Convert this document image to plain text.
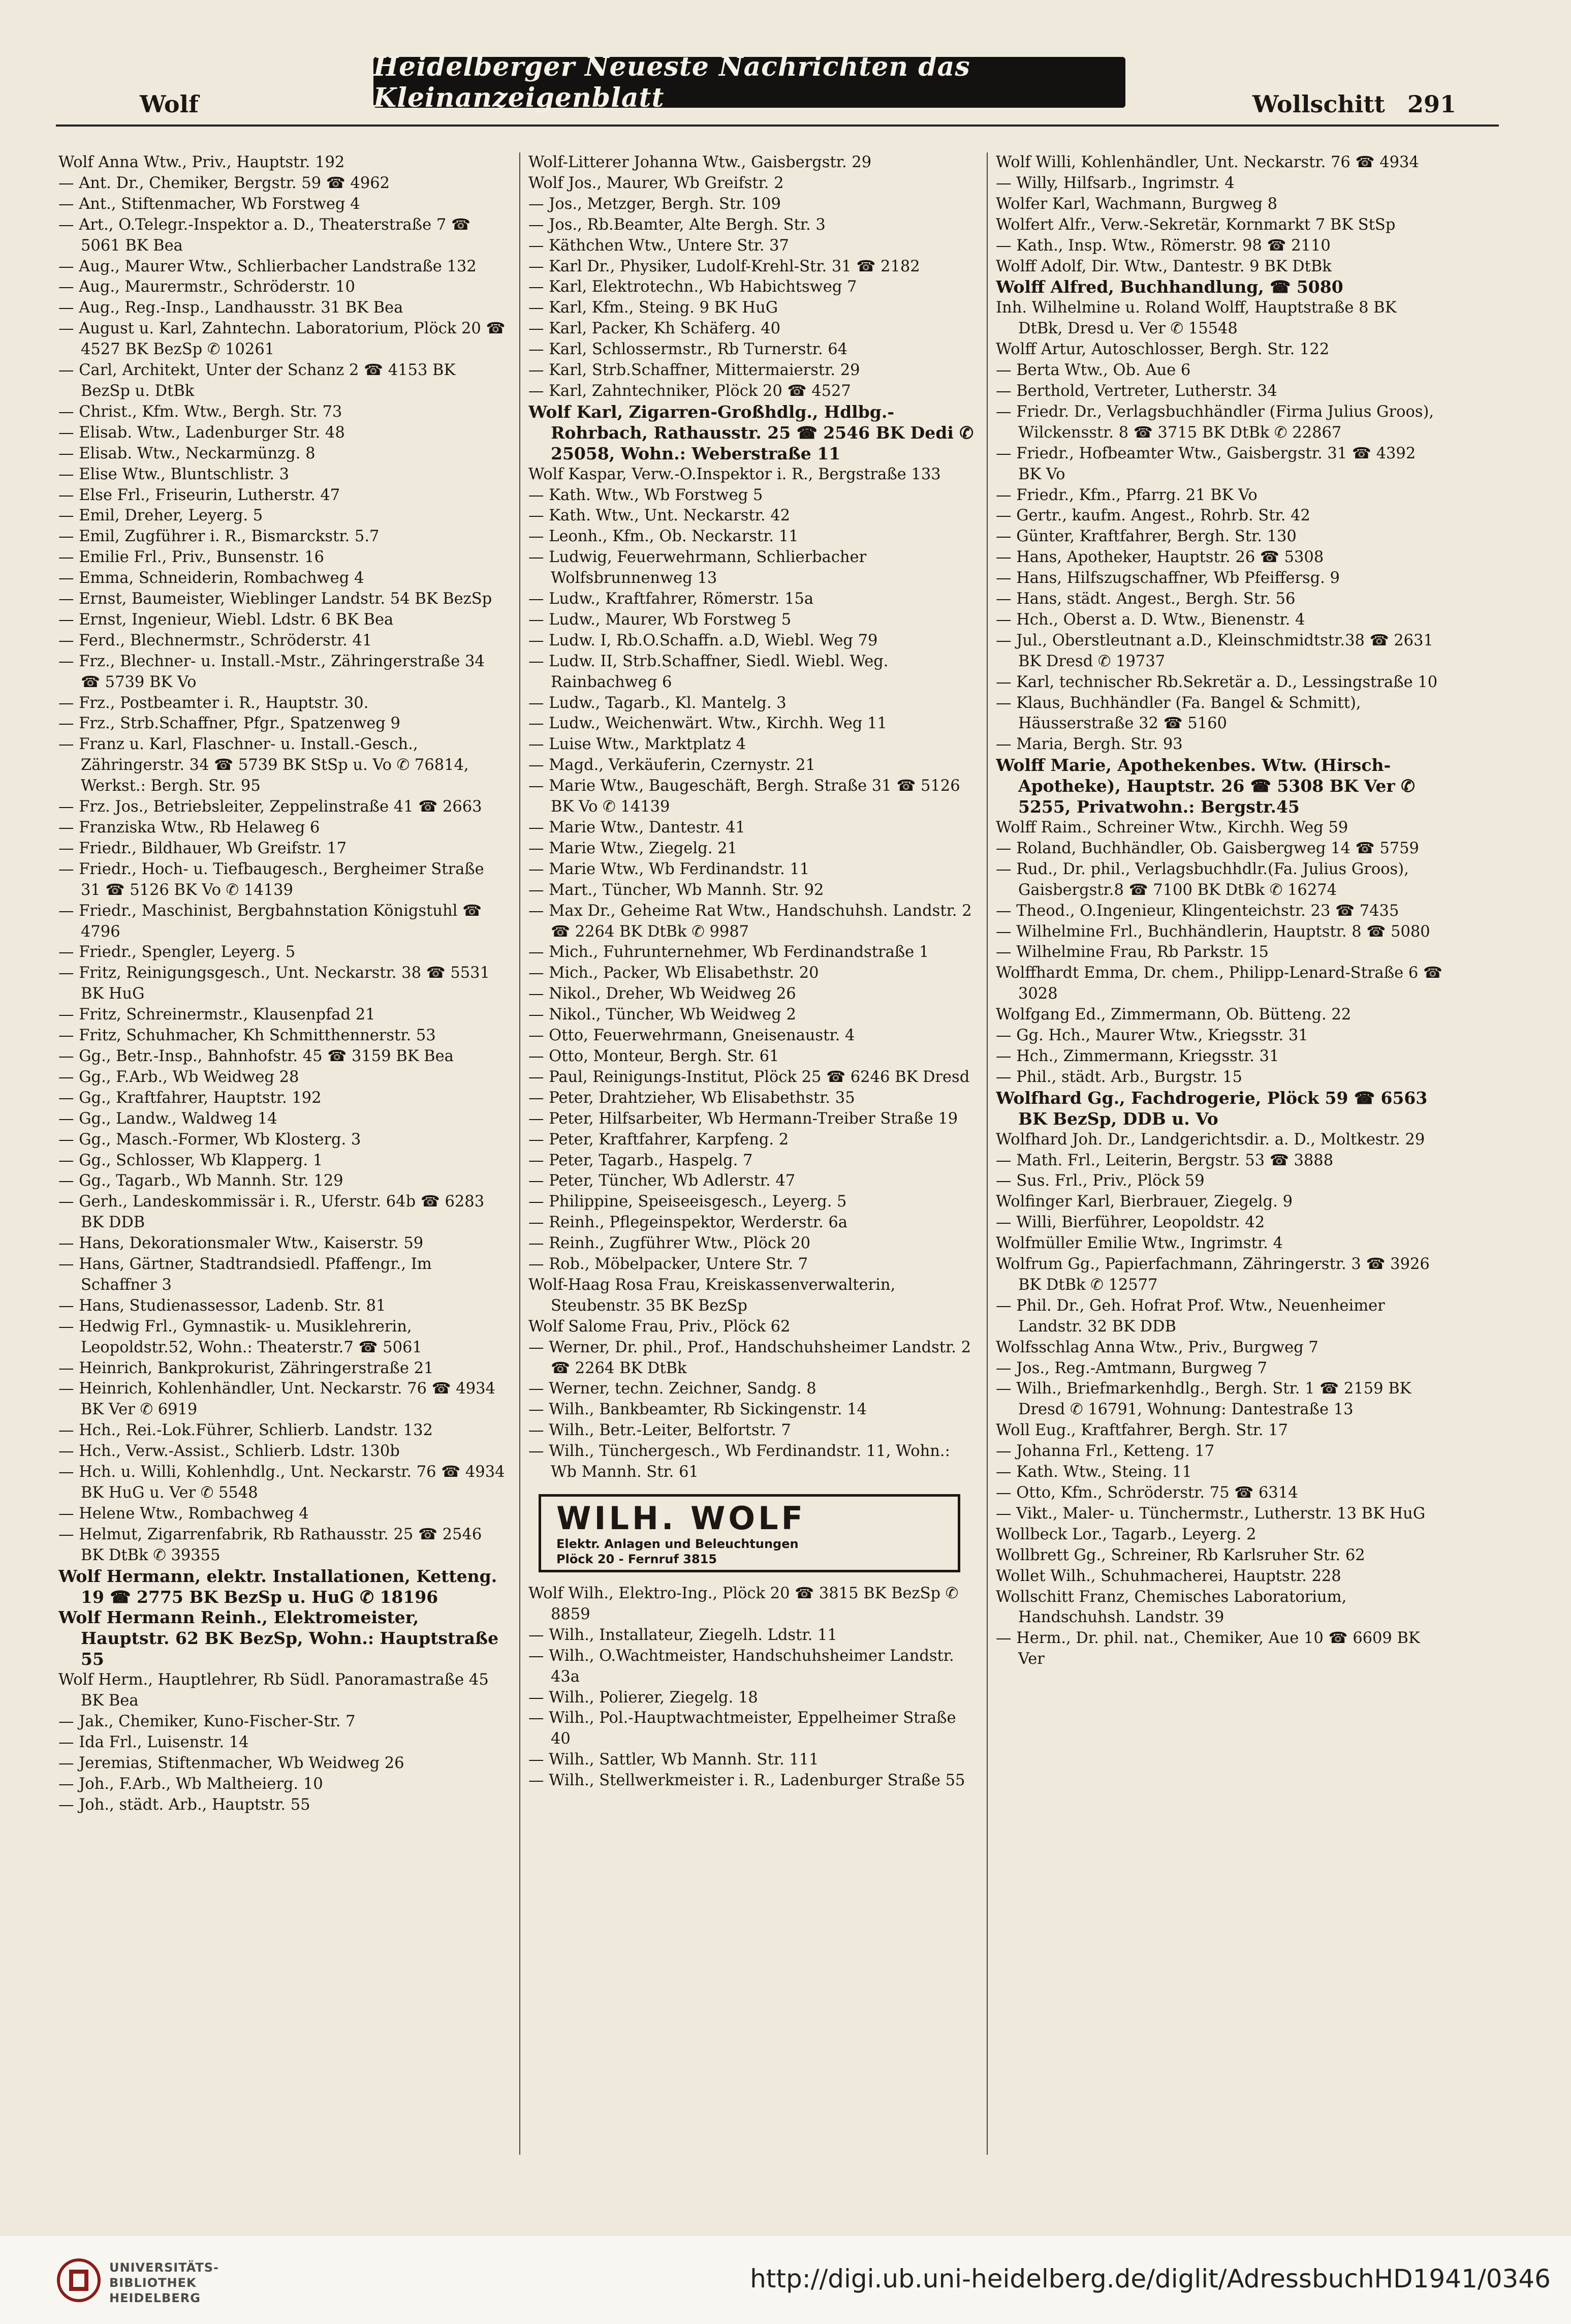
Heidelberger Neueste Nachrichten das Kleinanzeigenblatt
Wolf	Wollschitt 291

Wolf Anna Wtw., Priv., Hauptstr. 192

— Ant. Dr., Chemiker, Bergstr. 59 ☎ 4962

— Ant., Stiftenmacher, Wb Forstweg 4

— Art., O.Telegr.-Inspektor a. D., Theaterstraße 7 ☎ 5061 BK Bea

— Aug., Maurer Wtw., Schlierbacher Landstraße 132

— Aug., Maurermstr., Schröderstr. 10

— Aug., Reg.-Insp., Landhausstr. 31 BK Bea

— August u. Karl, Zahntechn. Laboratorium, Plöck 20 ☎ 4527 BK BezSp ✆ 10261

— Carl, Architekt, Unter der Schanz 2 ☎ 4153 BK BezSp u. DtBk

— Christ., Kfm. Wtw., Bergh. Str. 73

— Elisab. Wtw., Ladenburger Str. 48

— Elisab. Wtw., Neckarmünzg. 8

— Elise Wtw., Bluntschlistr. 3

— Else Frl., Friseurin, Lutherstr. 47

— Emil, Dreher, Leyerg. 5

— Emil, Zugführer i. R., Bismarckstr. 5.7

— Emilie Frl., Priv., Bunsenstr. 16

— Emma, Schneiderin, Rombachweg 4

— Ernst, Baumeister, Wieblinger Landstr. 54 BK BezSp

— Ernst, Ingenieur, Wiebl. Ldstr. 6 BK Bea

— Ferd., Blechnermstr., Schröderstr. 41

— Frz., Blechner- u. Install.-Mstr., Zähringerstraße 34 ☎ 5739 BK Vo

— Frz., Postbeamter i. R., Hauptstr. 30.

— Frz., Strb.Schaffner, Pfgr., Spatzenweg 9

— Franz u. Karl, Flaschner- u. Install.-Gesch., Zähringerstr. 34 ☎ 5739 BK StSp u. Vo ✆ 76814, Werkst.: Bergh. Str. 95

— Frz. Jos., Betriebsleiter, Zeppelinstraße 41 ☎ 2663

— Franziska Wtw., Rb Helaweg 6

— Friedr., Bildhauer, Wb Greifstr. 17

— Friedr., Hoch- u. Tiefbaugesch., Bergheimer Straße 31 ☎ 5126 BK Vo ✆ 14139

— Friedr., Maschinist, Bergbahnstation Königstuhl ☎ 4796

— Friedr., Spengler, Leyerg. 5

— Fritz, Reinigungsgesch., Unt. Neckarstr. 38 ☎ 5531 BK HuG

— Fritz, Schreinermstr., Klausenpfad 21

— Fritz, Schuhmacher, Kh Schmitthennerstr. 53

— Gg., Betr.-Insp., Bahnhofstr. 45 ☎ 3159 BK Bea

— Gg., F.Arb., Wb Weidweg 28

— Gg., Kraftfahrer, Hauptstr. 192

— Gg., Landw., Waldweg 14

— Gg., Masch.-Former, Wb Klosterg. 3

— Gg., Schlosser, Wb Klapperg. 1

— Gg., Tagarb., Wb Mannh. Str. 129

— Gerh., Landeskommissär i. R., Uferstr. 64b ☎ 6283 BK DDB

— Hans, Dekorationsmaler Wtw., Kaiserstr. 59

— Hans, Gärtner, Stadtrandsiedl. Pfaffengr., Im Schaffner 3

— Hans, Studienassessor, Ladenb. Str. 81

— Hedwig Frl., Gymnastik- u. Musiklehrerin, Leopoldstr.52, Wohn.: Theaterstr.7 ☎ 5061

— Heinrich, Bankprokurist, Zähringerstraße 21

— Heinrich, Kohlenhändler, Unt. Neckarstr. 76 ☎ 4934 BK Ver ✆ 6919

— Hch., Rei.-Lok.Führer, Schlierb. Landstr. 132

— Hch., Verw.-Assist., Schlierb. Ldstr. 130b

— Hch. u. Willi, Kohlenhdlg., Unt. Neckarstr. 76 ☎ 4934 BK HuG u. Ver ✆ 5548

— Helene Wtw., Rombachweg 4

— Helmut, Zigarrenfabrik, Rb Rathausstr. 25 ☎ 2546 BK DtBk ✆ 39355

Wolf Hermann, elektr. Installationen, Ketteng. 19 ☎ 2775 BK BezSp u. HuG ✆ 18196

Wolf Hermann Reinh., Elektromeister, Hauptstr. 62 BK BezSp, Wohn.: Hauptstraße 55

Wolf Herm., Hauptlehrer, Rb Südl. Panoramastraße 45 BK Bea

— Jak., Chemiker, Kuno-Fischer-Str. 7

— Ida Frl., Luisenstr. 14

— Jeremias, Stiftenmacher, Wb Weidweg 26

— Joh., F.Arb., Wb Maltheierg. 10

— Joh., städt. Arb., Hauptstr. 55

Wolf-Litterer Johanna Wtw., Gaisbergstr. 29

Wolf Jos., Maurer, Wb Greifstr. 2

— Jos., Metzger, Bergh. Str. 109

— Jos., Rb.Beamter, Alte Bergh. Str. 3

— Käthchen Wtw., Untere Str. 37

— Karl Dr., Physiker, Ludolf-Krehl-Str. 31 ☎ 2182

— Karl, Elektrotechn., Wb Habichtsweg 7

— Karl, Kfm., Steing. 9 BK HuG

— Karl, Packer, Kh Schäferg. 40

— Karl, Schlossermstr., Rb Turnerstr. 64

— Karl, Strb.Schaffner, Mittermaierstr. 29

— Karl, Zahntechniker, Plöck 20 ☎ 4527

Wolf Karl, Zigarren-Großhdlg., Hdlbg.-Rohrbach, Rathausstr. 25 ☎ 2546 BK Dedi ✆ 25058, Wohn.: Weberstraße 11

Wolf Kaspar, Verw.-O.Inspektor i. R., Bergstraße 133

— Kath. Wtw., Wb Forstweg 5

— Kath. Wtw., Unt. Neckarstr. 42

— Leonh., Kfm., Ob. Neckarstr. 11

— Ludwig, Feuerwehrmann, Schlierbacher Wolfsbrunnenweg 13

— Ludw., Kraftfahrer, Römerstr. 15a

— Ludw., Maurer, Wb Forstweg 5

— Ludw. I, Rb.O.Schaffn. a.D, Wiebl. Weg 79

— Ludw. II, Strb.Schaffner, Siedl. Wiebl. Weg. Rainbachweg 6

— Ludw., Tagarb., Kl. Mantelg. 3

— Ludw., Weichenwärt. Wtw., Kirchh. Weg 11

— Luise Wtw., Marktplatz 4

— Magd., Verkäuferin, Czernystr. 21

— Marie Wtw., Baugeschäft, Bergh. Straße 31 ☎ 5126 BK Vo ✆ 14139

— Marie Wtw., Dantestr. 41

— Marie Wtw., Ziegelg. 21

— Marie Wtw., Wb Ferdinandstr. 11

— Mart., Tüncher, Wb Mannh. Str. 92

— Max Dr., Geheime Rat Wtw., Handschuhsh. Landstr. 2 ☎ 2264 BK DtBk ✆ 9987

— Mich., Fuhrunternehmer, Wb Ferdinandstraße 1

— Mich., Packer, Wb Elisabethstr. 20

— Nikol., Dreher, Wb Weidweg 26

— Nikol., Tüncher, Wb Weidweg 2

— Otto, Feuerwehrmann, Gneisenaustr. 4

— Otto, Monteur, Bergh. Str. 61

— Paul, Reinigungs-Institut, Plöck 25 ☎ 6246 BK Dresd

— Peter, Drahtzieher, Wb Elisabethstr. 35

— Peter, Hilfsarbeiter, Wb Hermann-Treiber Straße 19

— Peter, Kraftfahrer, Karpfeng. 2

— Peter, Tagarb., Haspelg. 7

— Peter, Tüncher, Wb Adlerstr. 47

— Philippine, Speiseeisgesch., Leyerg. 5

— Reinh., Pflegeinspektor, Werderstr. 6a

— Reinh., Zugführer Wtw., Plöck 20

— Rob., Möbelpacker, Untere Str. 7

Wolf-Haag Rosa Frau, Kreiskassenverwalterin, Steubenstr. 35 BK BezSp

Wolf Salome Frau, Priv., Plöck 62

— Werner, Dr. phil., Prof., Handschuhsheimer Landstr. 2 ☎ 2264 BK DtBk

— Werner, techn. Zeichner, Sandg. 8

— Wilh., Bankbeamter, Rb Sickingenstr. 14

— Wilh., Betr.-Leiter, Belfortstr. 7

— Wilh., Tünchergesch., Wb Ferdinandstr. 11, Wohn.: Wb Mannh. Str. 61

WILH. WOLF
Elektr. Anlagen und Beleuchtungen
Plöck 20 - Fernruf 3815

Wolf Wilh., Elektro-Ing., Plöck 20 ☎ 3815 BK BezSp ✆ 8859

— Wilh., Installateur, Ziegelh. Ldstr. 11

— Wilh., O.Wachtmeister, Handschuhsheimer Landstr. 43a

— Wilh., Polierer, Ziegelg. 18

— Wilh., Pol.-Hauptwachtmeister, Eppelheimer Straße 40

— Wilh., Sattler, Wb Mannh. Str. 111

— Wilh., Stellwerkmeister i. R., Ladenburger Straße 55

Wolf Willi, Kohlenhändler, Unt. Neckarstr. 76 ☎ 4934

— Willy, Hilfsarb., Ingrimstr. 4

Wolfer Karl, Wachmann, Burgweg 8

Wolfert Alfr., Verw.-Sekretär, Kornmarkt 7 BK StSp

— Kath., Insp. Wtw., Römerstr. 98 ☎ 2110

Wolff Adolf, Dir. Wtw., Dantestr. 9 BK DtBk

Wolff Alfred, Buchhandlung, ☎ 5080

Inh. Wilhelmine u. Roland Wolff, Hauptstraße 8 BK DtBk, Dresd u. Ver ✆ 15548

Wolff Artur, Autoschlosser, Bergh. Str. 122

— Berta Wtw., Ob. Aue 6

— Berthold, Vertreter, Lutherstr. 34

— Friedr. Dr., Verlagsbuchhändler (Firma Julius Groos), Wilckensstr. 8 ☎ 3715 BK DtBk ✆ 22867

— Friedr., Hofbeamter Wtw., Gaisbergstr. 31 ☎ 4392 BK Vo

— Friedr., Kfm., Pfarrg. 21 BK Vo

— Gertr., kaufm. Angest., Rohrb. Str. 42

— Günter, Kraftfahrer, Bergh. Str. 130

— Hans, Apotheker, Hauptstr. 26 ☎ 5308

— Hans, Hilfszugschaffner, Wb Pfeiffersg. 9

— Hans, städt. Angest., Bergh. Str. 56

— Hch., Oberst a. D. Wtw., Bienenstr. 4

— Jul., Oberstleutnant a.D., Kleinschmidtstr.38 ☎ 2631 BK Dresd ✆ 19737

— Karl, technischer Rb.Sekretär a. D., Lessingstraße 10

— Klaus, Buchhändler (Fa. Bangel & Schmitt), Häusserstraße 32 ☎ 5160

— Maria, Bergh. Str. 93

Wolff Marie, Apothekenbes. Wtw. (Hirsch-Apotheke), Hauptstr. 26 ☎ 5308 BK Ver ✆ 5255, Privatwohn.: Bergstr.45

Wolff Raim., Schreiner Wtw., Kirchh. Weg 59

— Roland, Buchhändler, Ob. Gaisbergweg 14 ☎ 5759

— Rud., Dr. phil., Verlagsbuchhdlr.(Fa. Julius Groos), Gaisbergstr.8 ☎ 7100 BK DtBk ✆ 16274

— Theod., O.Ingenieur, Klingenteichstr. 23 ☎ 7435

— Wilhelmine Frl., Buchhändlerin, Hauptstr. 8 ☎ 5080

— Wilhelmine Frau, Rb Parkstr. 15

Wolffhardt Emma, Dr. chem., Philipp-Lenard-Straße 6 ☎ 3028

Wolfgang Ed., Zimmermann, Ob. Bütteng. 22

— Gg. Hch., Maurer Wtw., Kriegsstr. 31

— Hch., Zimmermann, Kriegsstr. 31

— Phil., städt. Arb., Burgstr. 15

Wolfhard Gg., Fachdrogerie, Plöck 59 ☎ 6563 BK BezSp, DDB u. Vo

Wolfhard Joh. Dr., Landgerichtsdir. a. D., Moltkestr. 29

— Math. Frl., Leiterin, Bergstr. 53 ☎ 3888

— Sus. Frl., Priv., Plöck 59

Wolfinger Karl, Bierbrauer, Ziegelg. 9

— Willi, Bierführer, Leopoldstr. 42

Wolfmüller Emilie Wtw., Ingrimstr. 4

Wolfrum Gg., Papierfachmann, Zähringerstr. 3 ☎ 3926 BK DtBk ✆ 12577

— Phil. Dr., Geh. Hofrat Prof. Wtw., Neuenheimer Landstr. 32 BK DDB

Wolfsschlag Anna Wtw., Priv., Burgweg 7

— Jos., Reg.-Amtmann, Burgweg 7

— Wilh., Briefmarkenhdlg., Bergh. Str. 1 ☎ 2159 BK Dresd ✆ 16791, Wohnung: Dantestraße 13

Woll Eug., Kraftfahrer, Bergh. Str. 17

— Johanna Frl., Ketteng. 17

— Kath. Wtw., Steing. 11

— Otto, Kfm., Schröderstr. 75 ☎ 6314

— Vikt., Maler- u. Tünchermstr., Lutherstr. 13 BK HuG

Wollbeck Lor., Tagarb., Leyerg. 2

Wollbrett Gg., Schreiner, Rb Karlsruher Str. 62

Wollet Wilh., Schuhmacherei, Hauptstr. 228

Wollschitt Franz, Chemisches Laboratorium, Handschuhsh. Landstr. 39

— Herm., Dr. phil. nat., Chemiker, Aue 10 ☎ 6609 BK Ver

UNIVERSITÄTS-
BIBLIOTHEK
HEIDELBERG
http://digi.ub.uni-heidelberg.de/diglit/AdressbuchHD1941/0346
